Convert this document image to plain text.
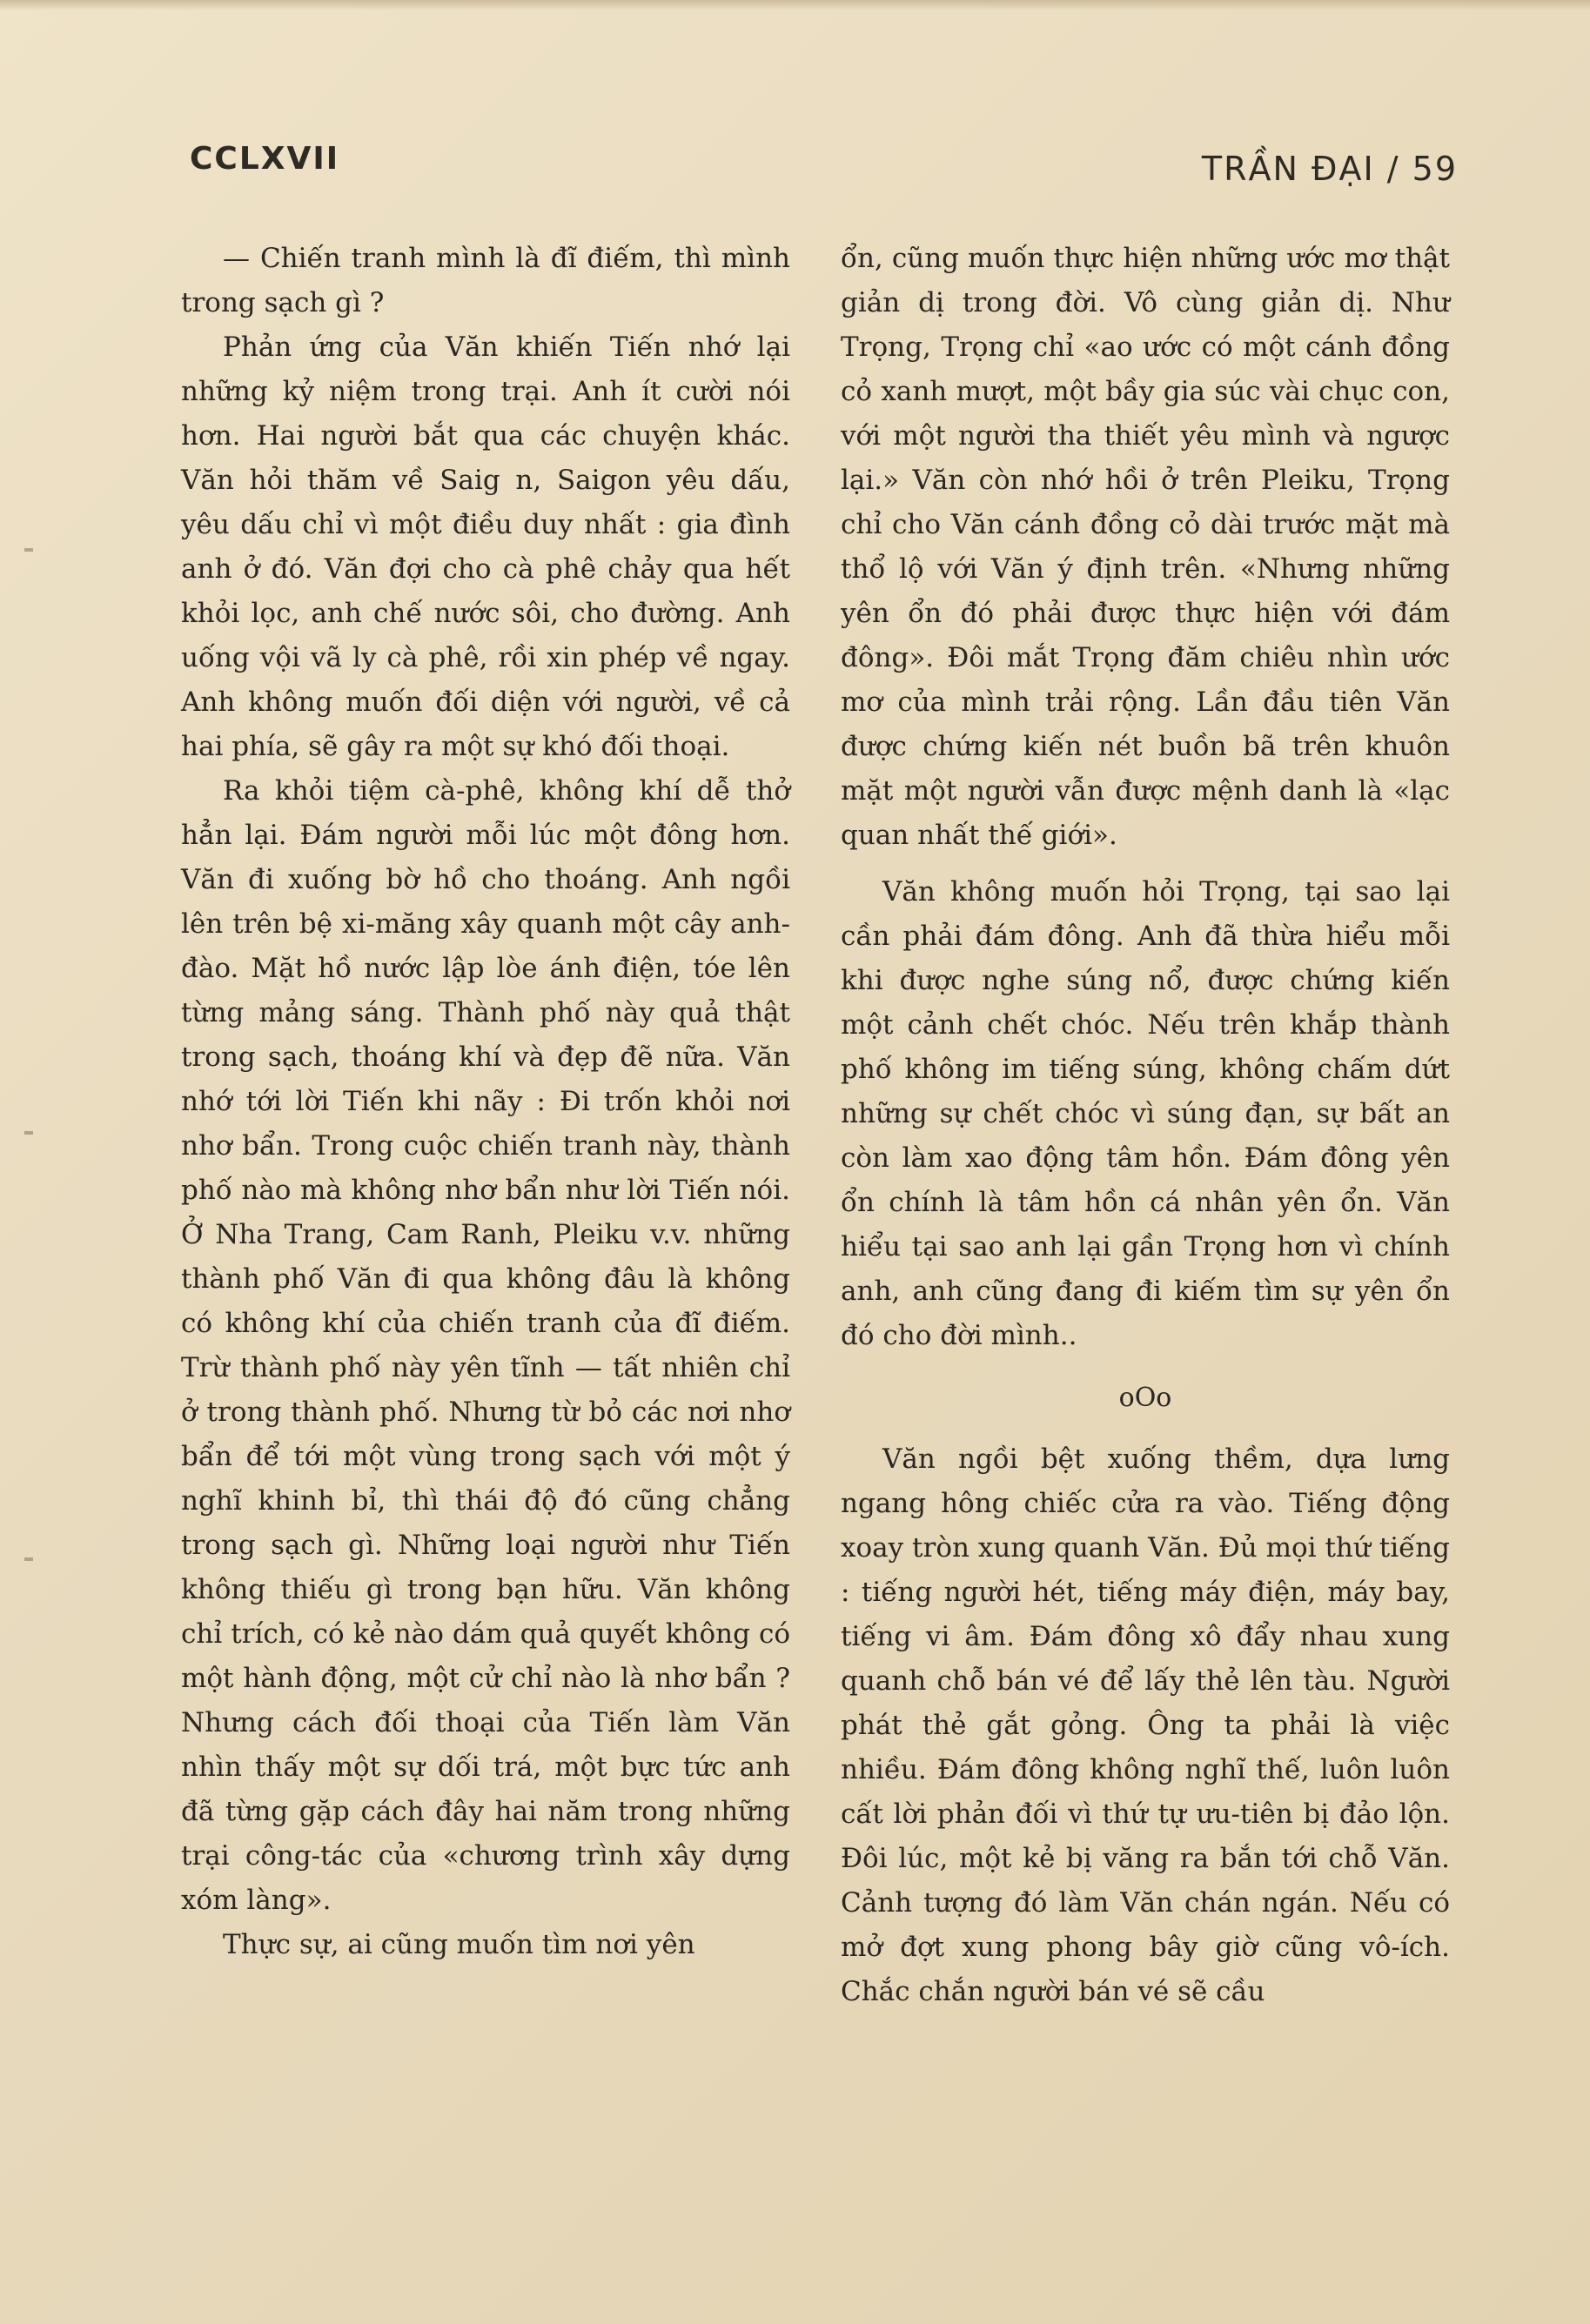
CCLXVII	TRẦN ĐẠI / 59

— Chiến tranh mình là đĩ điếm, thì mình trong sạch gì ?

Phản ứng của Văn khiến Tiến nhớ lại những kỷ niệm trong trại. Anh ít cười nói hơn. Hai người bắt qua các chuyện khác. Văn hỏi thăm về Saig n, Saigon yêu dấu, yêu dấu chỉ vì một điều duy nhất : gia đình anh ở đó. Văn đợi cho cà phê chảy qua hết khỏi lọc, anh chế nước sôi, cho đường. Anh uống vội vã ly cà phê, rồi xin phép về ngay. Anh không muốn đối diện với người, về cả hai phía, sẽ gây ra một sự khó đối thoại.

Ra khỏi tiệm cà-phê, không khí dễ thở hẳn lại. Đám người mỗi lúc một đông hơn. Văn đi xuống bờ hồ cho thoáng. Anh ngồi lên trên bệ xi-măng xây quanh một cây anh-đào. Mặt hồ nước lập lòe ánh điện, tóe lên từng mảng sáng. Thành phố này quả thật trong sạch, thoáng khí và đẹp đẽ nữa. Văn nhớ tới lời Tiến khi nãy : Đi trốn khỏi nơi nhơ bẩn. Trong cuộc chiến tranh này, thành phố nào mà không nhơ bẩn như lời Tiến nói. Ở Nha Trang, Cam Ranh, Pleiku v.v. những thành phố Văn đi qua không đâu là không có không khí của chiến tranh của đĩ điếm. Trừ thành phố này yên tĩnh — tất nhiên chỉ ở trong thành phố. Nhưng từ bỏ các nơi nhơ bẩn để tới một vùng trong sạch với một ý nghĩ khinh bỉ, thì thái độ đó cũng chẳng trong sạch gì. Những loại người như Tiến không thiếu gì trong bạn hữu. Văn không chỉ trích, có kẻ nào dám quả quyết không có một hành động, một cử chỉ nào là nhơ bẩn ? Nhưng cách đối thoại của Tiến làm Văn nhìn thấy một sự dối trá, một bực tức anh đã từng gặp cách đây hai năm trong những trại công-tác của «chương trình xây dựng xóm làng».

Thực sự, ai cũng muốn tìm nơi yên

ổn, cũng muốn thực hiện những ước mơ thật giản dị trong đời. Vô cùng giản dị. Như Trọng, Trọng chỉ «ao ước có một cánh đồng cỏ xanh mượt, một bầy gia súc vài chục con, với một người tha thiết yêu mình và ngược lại.» Văn còn nhớ hồi ở trên Pleiku, Trọng chỉ cho Văn cánh đồng cỏ dài trước mặt mà thổ lộ với Văn ý định trên. «Nhưng những yên ổn đó phải được thực hiện với đám đông». Đôi mắt Trọng đăm chiêu nhìn ước mơ của mình trải rộng. Lần đầu tiên Văn được chứng kiến nét buồn bã trên khuôn mặt một người vẫn được mệnh danh là «lạc quan nhất thế giới».

Văn không muốn hỏi Trọng, tại sao lại cần phải đám đông. Anh đã thừa hiểu mỗi khi được nghe súng nổ, được chứng kiến một cảnh chết chóc. Nếu trên khắp thành phố không im tiếng súng, không chấm dứt những sự chết chóc vì súng đạn, sự bất an còn làm xao động tâm hồn. Đám đông yên ổn chính là tâm hồn cá nhân yên ổn. Văn hiểu tại sao anh lại gần Trọng hơn vì chính anh, anh cũng đang đi kiếm tìm sự yên ổn đó cho đời mình..

oOo

Văn ngồi bệt xuống thềm, dựa lưng ngang hông chiếc cửa ra vào. Tiếng động xoay tròn xung quanh Văn. Đủ mọi thứ tiếng : tiếng người hét, tiếng máy điện, máy bay, tiếng vi âm. Đám đông xô đẩy nhau xung quanh chỗ bán vé để lấy thẻ lên tàu. Người phát thẻ gắt gỏng. Ông ta phải là việc nhiều. Đám đông không nghĩ thế, luôn luôn cất lời phản đối vì thứ tự ưu-tiên bị đảo lộn. Đôi lúc, một kẻ bị văng ra bắn tới chỗ Văn. Cảnh tượng đó làm Văn chán ngán. Nếu có mở đợt xung phong bây giờ cũng vô-ích. Chắc chắn người bán vé sẽ cầu
